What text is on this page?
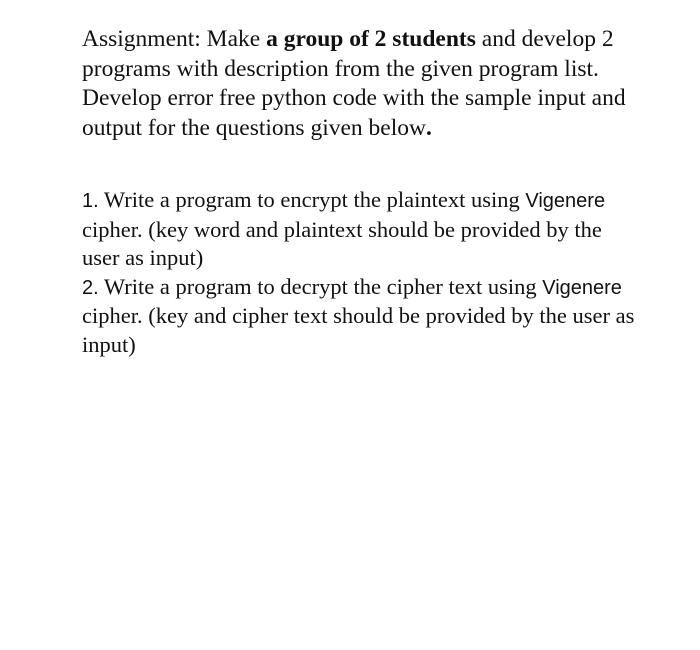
Assignment: Make a group of 2 students and develop 2 programs with description from the given program list. Develop error free python code with the sample input and output for the questions given below.

1. Write a program to encrypt the plaintext using Vigenere cipher. (key word and plaintext should be provided by the user as input)
2. Write a program to decrypt the cipher text using Vigenere cipher. (key and cipher text should be provided by the user as input)
